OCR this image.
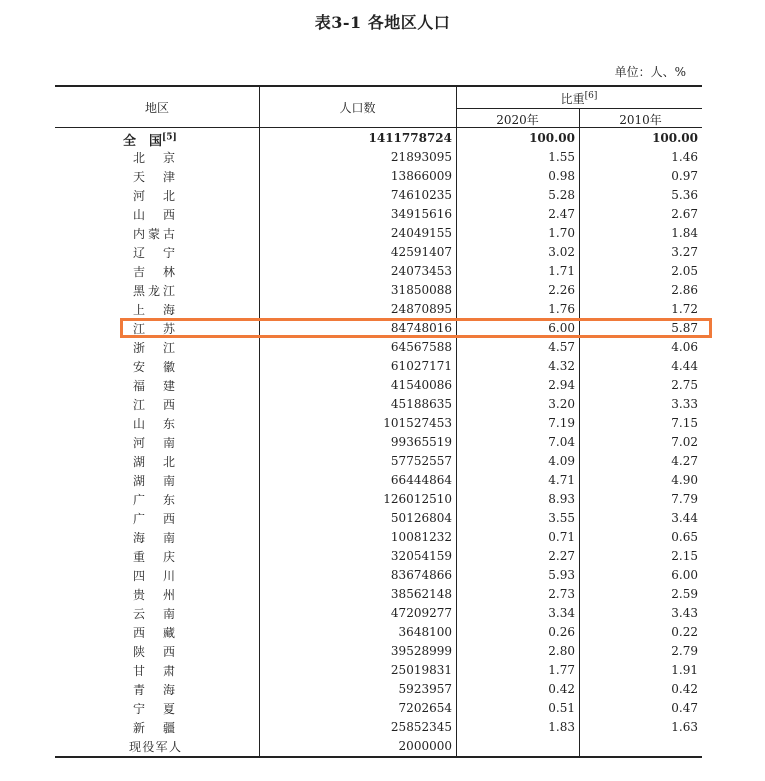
表3-1 各地区人口
单位：人、%
地区	人口数
比重[6]
2020年	2010年
全　国[5]	1411778724	100.00	100.00
北京	21893095	1.55	1.46
天津	13866009	0.98	0.97
河北	74610235	5.28	5.36
山西	34915616	2.47	2.67
内蒙古	24049155	1.70	1.84
辽宁	42591407	3.02	3.27
吉林	24073453	1.71	2.05
黑龙江	31850088	2.26	2.86
上海	24870895	1.76	1.72
江苏	84748016	6.00	5.87
浙江	64567588	4.57	4.06
安徽	61027171	4.32	4.44
福建	41540086	2.94	2.75
江西	45188635	3.20	3.33
山东	101527453	7.19	7.15
河南	99365519	7.04	7.02
湖北	57752557	4.09	4.27
湖南	66444864	4.71	4.90
广东	126012510	8.93	7.79
广西	50126804	3.55	3.44
海南	10081232	0.71	0.65
重庆	32054159	2.27	2.15
四川	83674866	5.93	6.00
贵州	38562148	2.73	2.59
云南	47209277	3.34	3.43
西藏	3648100	0.26	0.22
陕西	39528999	2.80	2.79
甘肃	25019831	1.77	1.91
青海	5923957	0.42	0.42
宁夏	7202654	0.51	0.47
新疆	25852345	1.83	1.63
现役军人	2000000
